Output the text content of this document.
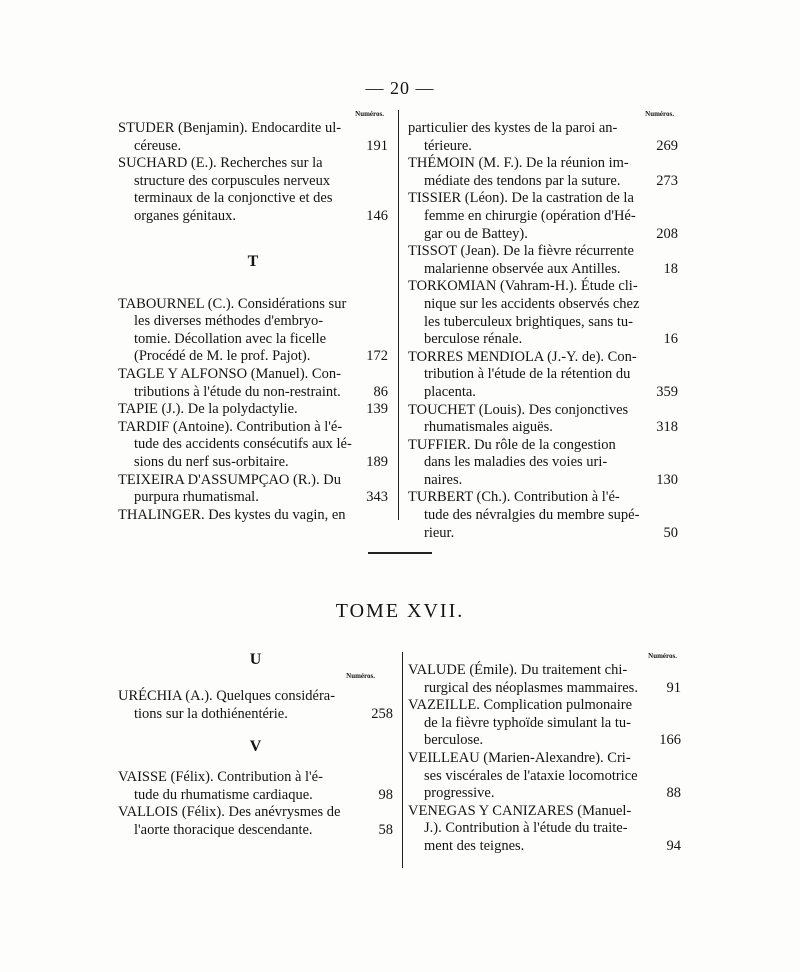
— 20 —
Numéros.
STUDER (Benjamin). Endocardite ul-
céreuse.	191
SUCHARD (E.). Recherches sur la
structure des corpuscules nerveux
terminaux de la conjonctive et des
organes génitaux.	146
T
TABOURNEL (C.). Considérations sur
les diverses méthodes d'embryo-
tomie. Décollation avec la ficelle
(Procédé de M. le prof. Pajot).	172
TAGLE Y ALFONSO (Manuel). Con-
tributions à l'étude du non-restraint. 86
TAPIE (J.). De la polydactylie.	139
TARDIF (Antoine). Contribution à l'é-
tude des accidents consécutifs aux lé-
sions du nerf sus-orbitaire.	189
TEIXEIRA D'ASSUMPÇAO (R.). Du
purpura rhumatismal.	343
THALINGER. Des kystes du vagin, en
Numéros.
particulier des kystes de la paroi an-
térieure.	269
THÉMOIN (M. F.). De la réunion im-
médiate des tendons par la suture. 273
TISSIER (Léon). De la castration de la
femme en chirurgie (opération d'Hé-
gar ou de Battey).	208
TISSOT (Jean). De la fièvre récurrente
malarienne observée aux Antilles.	18
TORKOMIAN (Vahram-H.). Étude cli-
nique sur les accidents observés chez
les tuberculeux brightiques, sans tu-
berculose rénale.	16
TORRES MENDIOLA (J.-Y. de). Con-
tribution à l'étude de la rétention du
placenta.	359
TOUCHET (Louis). Des conjonctives
rhumatismales aiguës.	318
TUFFIER. Du rôle de la congestion
dans les maladies des voies uri-
naires.	130
TURBERT (Ch.). Contribution à l'é-
tude des névralgies du membre supé-
rieur.	50
TOME XVII.
U
Numéros.
URÉCHIA (A.). Quelques considéra-
tions sur la dothiénentérie.	258
V
VAISSE (Félix). Contribution à l'é-
tude du rhumatisme cardiaque.	98
VALLOIS (Félix). Des anévrysmes de
l'aorte thoracique descendante.	58
Numéros.
VALUDE (Émile). Du traitement chi-
rurgical des néoplasmes mammaires. 91
VAZEILLE. Complication pulmonaire
de la fièvre typhoïde simulant la tu-
berculose.	166
VEILLEAU (Marien-Alexandre). Cri-
ses viscérales de l'ataxie locomotrice
progressive.	88
VENEGAS Y CANIZARES (Manuel-
J.). Contribution à l'étude du traite-
ment des teignes.	94
